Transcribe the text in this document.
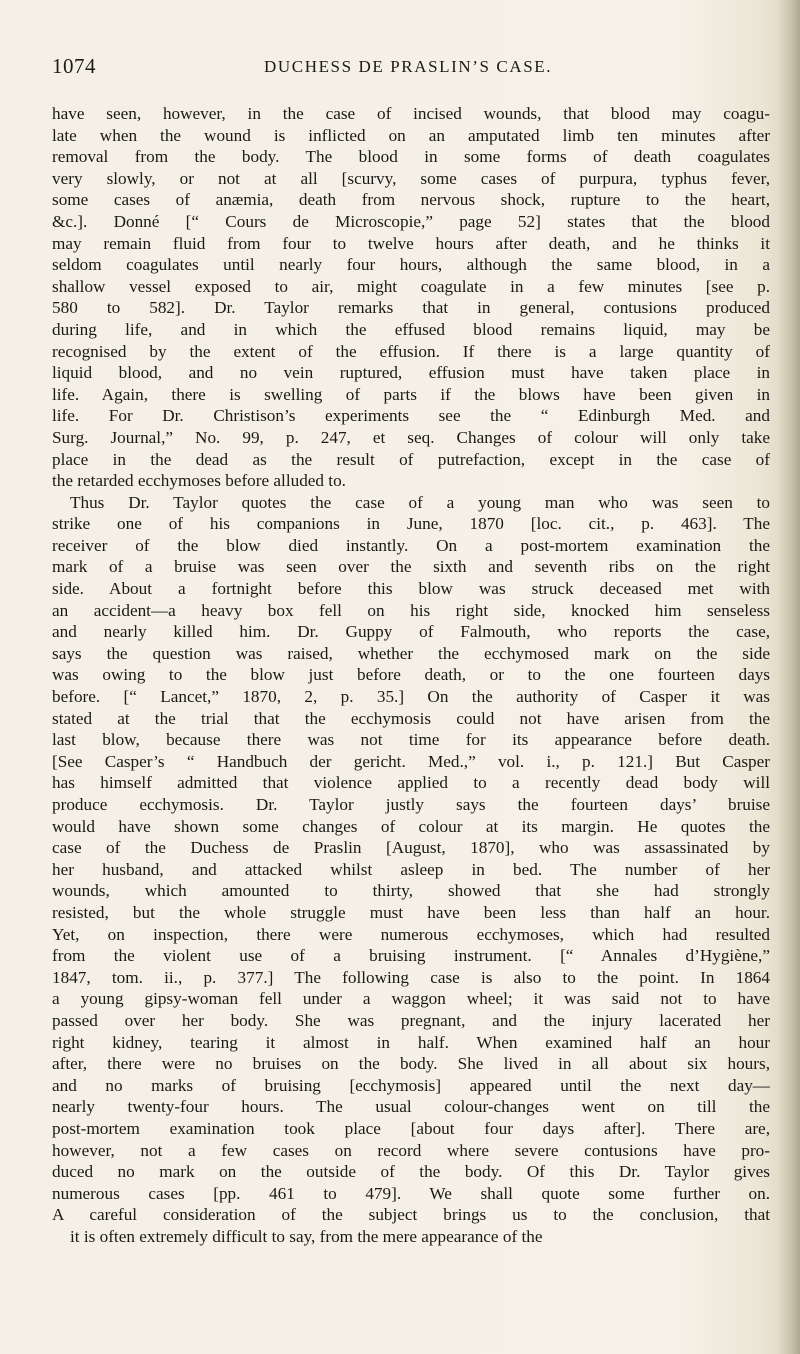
1074	DUCHESS DE PRASLIN’S CASE.
have seen, however, in the case of incised wounds, that blood may coagu-
late when the wound is inflicted on an amputated limb ten minutes after
removal from the body. The blood in some forms of death coagulates
very slowly, or not at all [scurvy, some cases of purpura, typhus fever,
some cases of anæmia, death from nervous shock, rupture to the heart,
&c.]. Donné [“ Cours de Microscopie,” page 52] states that the blood
may remain fluid from four to twelve hours after death, and he thinks it
seldom coagulates until nearly four hours, although the same blood, in a
shallow vessel exposed to air, might coagulate in a few minutes [see p.
580 to 582]. Dr. Taylor remarks that in general, contusions produced
during life, and in which the effused blood remains liquid, may be
recognised by the extent of the effusion. If there is a large quantity of
liquid blood, and no vein ruptured, effusion must have taken place in
life. Again, there is swelling of parts if the blows have been given in
life. For Dr. Christison’s experiments see the “ Edinburgh Med. and
Surg. Journal,” No. 99, p. 247, et seq. Changes of colour will only take
place in the dead as the result of putrefaction, except in the case of
the retarded ecchymoses before alluded to.
Thus Dr. Taylor quotes the case of a young man who was seen to
strike one of his companions in June, 1870 [loc. cit., p. 463]. The
receiver of the blow died instantly. On a post-mortem examination the
mark of a bruise was seen over the sixth and seventh ribs on the right
side. About a fortnight before this blow was struck deceased met with
an accident—a heavy box fell on his right side, knocked him senseless
and nearly killed him. Dr. Guppy of Falmouth, who reports the case,
says the question was raised, whether the ecchymosed mark on the side
was owing to the blow just before death, or to the one fourteen days
before. [“ Lancet,” 1870, 2, p. 35.] On the authority of Casper it was
stated at the trial that the ecchymosis could not have arisen from the
last blow, because there was not time for its appearance before death.
[See Casper’s “ Handbuch der gericht. Med.,” vol. i., p. 121.] But Casper
has himself admitted that violence applied to a recently dead body will
produce ecchymosis. Dr. Taylor justly says the fourteen days’ bruise
would have shown some changes of colour at its margin. He quotes the
case of the Duchess de Praslin [August, 1870], who was assassinated by
her husband, and attacked whilst asleep in bed. The number of her
wounds, which amounted to thirty, showed that she had strongly
resisted, but the whole struggle must have been less than half an hour.
Yet, on inspection, there were numerous ecchymoses, which had resulted
from the violent use of a bruising instrument. [“ Annales d’Hygiène,”
1847, tom. ii., p. 377.] The following case is also to the point. In 1864
a young gipsy-woman fell under a waggon wheel; it was said not to have
passed over her body. She was pregnant, and the injury lacerated her
right kidney, tearing it almost in half. When examined half an hour
after, there were no bruises on the body. She lived in all about six hours,
and no marks of bruising [ecchymosis] appeared until the next day—
nearly twenty-four hours. The usual colour-changes went on till the
post-mortem examination took place [about four days after]. There are,
however, not a few cases on record where severe contusions have pro-
duced no mark on the outside of the body. Of this Dr. Taylor gives
numerous cases [pp. 461 to 479]. We shall quote some further on.
A careful consideration of the subject brings us to the conclusion, that
it is often extremely difficult to say, from the mere appearance of the
